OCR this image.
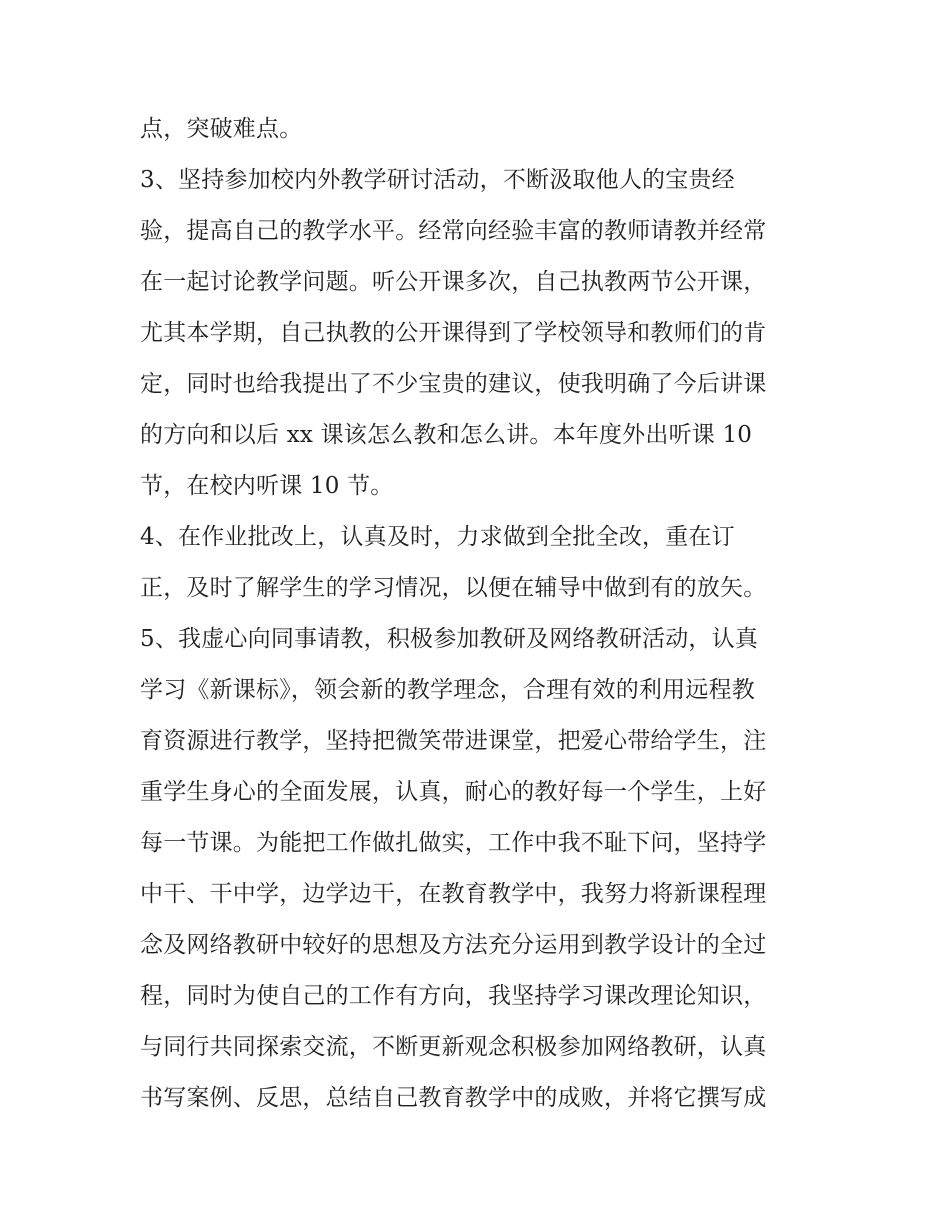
点，突破难点。
3、坚持参加校内外教学研讨活动，不断汲取他人的宝贵经
验，提高自己的教学水平。经常向经验丰富的教师请教并经常
在一起讨论教学问题。听公开课多次，自己执教两节公开课，
尤其本学期，自己执教的公开课得到了学校领导和教师们的肯
定，同时也给我提出了不少宝贵的建议，使我明确了今后讲课
的方向和以后 xx 课该怎么教和怎么讲。本年度外出听课 10
节，在校内听课 10 节。
4、在作业批改上，认真及时，力求做到全批全改，重在订
正，及时了解学生的学习情况，以便在辅导中做到有的放矢。
5、我虚心向同事请教，积极参加教研及网络教研活动，认真
学习《新课标》，领会新的教学理念，合理有效的利用远程教
育资源进行教学，坚持把微笑带进课堂，把爱心带给学生，注
重学生身心的全面发展，认真，耐心的教好每一个学生，上好
每一节课。为能把工作做扎做实，工作中我不耻下问，坚持学
中干、干中学，边学边干，在教育教学中，我努力将新课程理
念及网络教研中较好的思想及方法充分运用到教学设计的全过
程，同时为使自己的工作有方向，我坚持学习课改理论知识，
与同行共同探索交流，不断更新观念积极参加网络教研，认真
书写案例、反思，总结自己教育教学中的成败，并将它撰写成
